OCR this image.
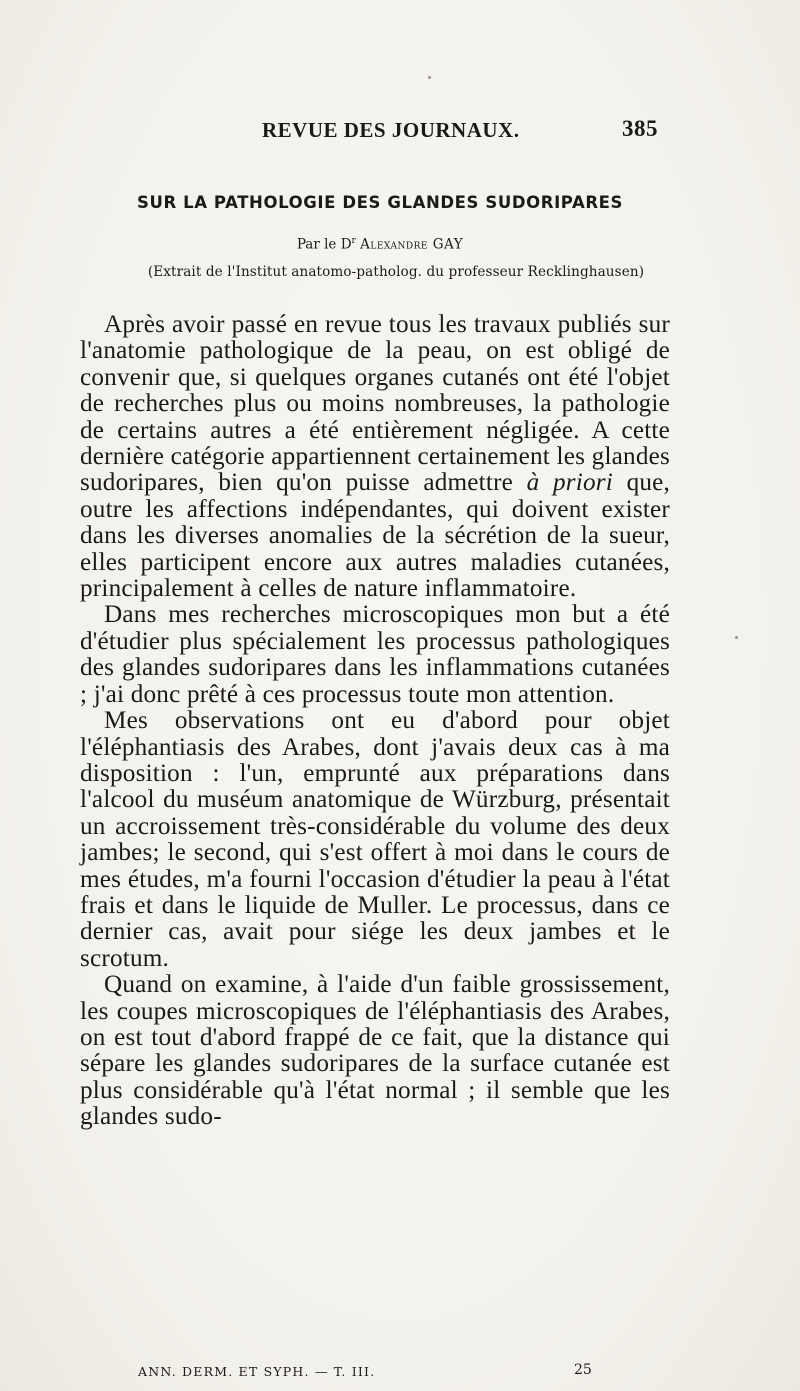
REVUE DES JOURNAUX.	385
SUR LA PATHOLOGIE DES GLANDES SUDORIPARES
Par le $D^r$ Alexandre GAY
(Extrait de l'Institut anatomo-patholog. du professeur Recklinghausen)

Après avoir passé en revue tous les travaux publiés sur l'anatomie pathologique de la peau, on est obligé de convenir que, si quelques organes cutanés ont été l'objet de recherches plus ou moins nombreuses, la pathologie de certains autres a été entièrement négligée. A cette dernière catégorie appartiennent certainement les glandes sudoripares, bien qu'on puisse admettre à priori que, outre les affections indépendantes, qui doivent exister dans les diverses anomalies de la sécrétion de la sueur, elles participent encore aux autres maladies cutanées, principalement à celles de nature inflammatoire.

Dans mes recherches microscopiques mon but a été d'étudier plus spécialement les processus pathologiques des glandes sudoripares dans les inflammations cutanées ; j'ai donc prêté à ces processus toute mon attention.

Mes observations ont eu d'abord pour objet l'éléphantiasis des Arabes, dont j'avais deux cas à ma disposition : l'un, emprunté aux préparations dans l'alcool du muséum anatomique de Würzburg, présentait un accroissement très-considérable du volume des deux jambes; le second, qui s'est offert à moi dans le cours de mes études, m'a fourni l'occasion d'étudier la peau à l'état frais et dans le liquide de Muller. Le processus, dans ce dernier cas, avait pour siége les deux jambes et le scrotum.

Quand on examine, à l'aide d'un faible grossissement, les coupes microscopiques de l'éléphantiasis des Arabes, on est tout d'abord frappé de ce fait, que la distance qui sépare les glandes sudoripares de la surface cutanée est plus considérable qu'à l'état normal ; il semble que les glandes sudo-

ANN. DERM. ET SYPH. — T. III.	25
